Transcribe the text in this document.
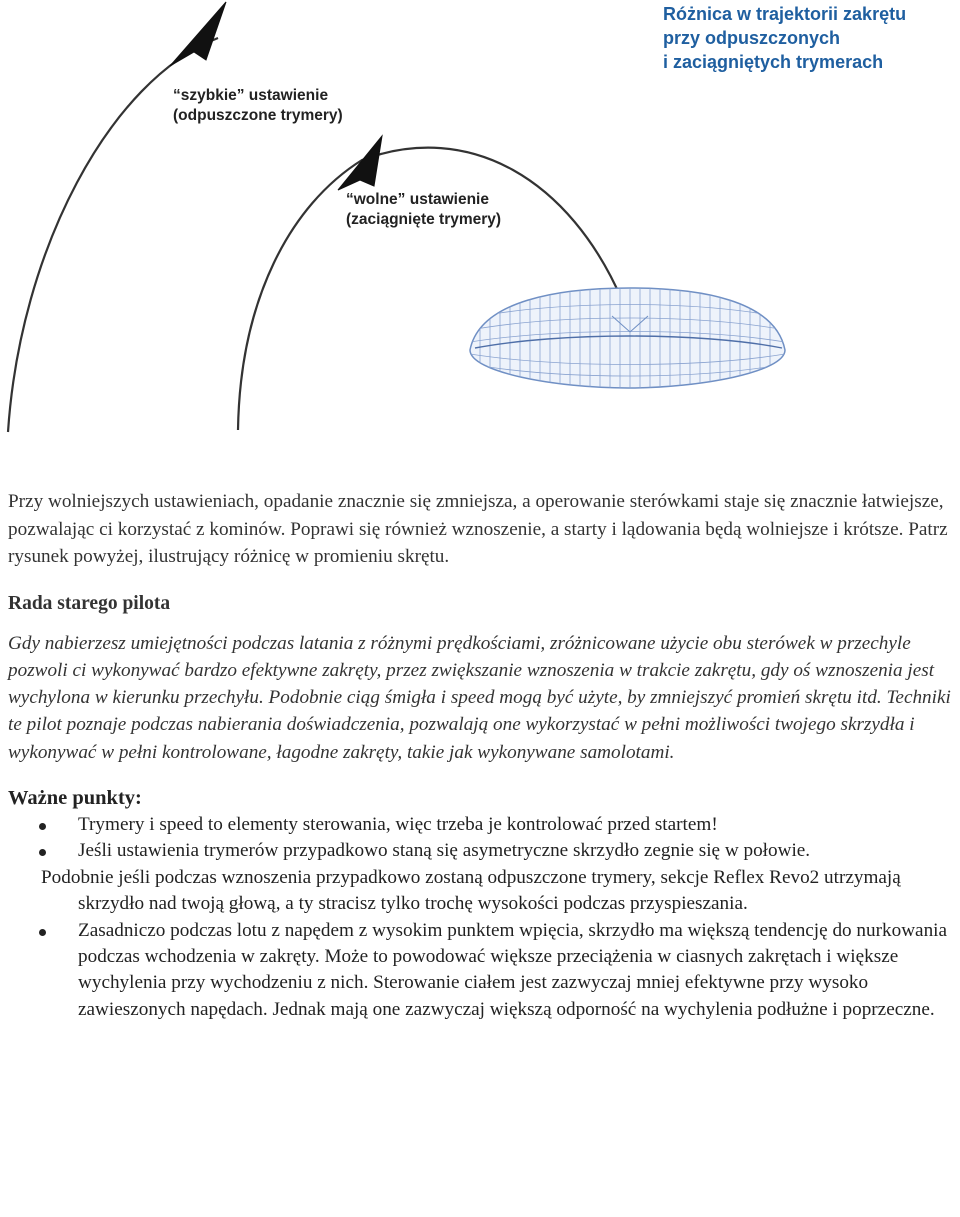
Różnica w trajektorii zakrętu
przy odpuszczonych
i zaciągniętych trymerach
“szybkie” ustawienie
(odpuszczone trymery)
“wolne” ustawienie
(zaciągnięte trymery)

Przy wolniejszych ustawieniach, opadanie znacznie się zmniejsza, a operowanie sterówkami staje się znacznie łatwiejsze, pozwalając ci korzystać z kominów. Poprawi się również wznoszenie, a starty i lądowania będą wolniejsze i krótsze. Patrz rysunek powyżej, ilustrujący różnicę w promieniu skrętu.

Rada starego pilota

Gdy nabierzesz umiejętności podczas latania z różnymi prędkościami, zróżnicowane użycie obu sterówek w przechyle pozwoli ci wykonywać bardzo efektywne zakręty, przez zwiększanie wznoszenia w trakcie zakrętu, gdy oś wznoszenia jest wychylona w kierunku przechyłu. Podobnie ciąg śmigła i speed mogą być użyte, by zmniejszyć promień skrętu itd. Techniki te pilot poznaje podczas nabierania doświadczenia, pozwalają one wykorzystać w pełni możliwości twojego skrzydła i wykonywać w pełni kontrolowane, łagodne zakręty, takie jak wykonywane samolotami.

Ważne punkty:
Trymery i speed to elementy sterowania, więc trzeba je kontrolować przed startem!
Jeśli ustawienia trymerów przypadkowo staną się asymetryczne skrzydło zegnie się w połowie.

Podobnie jeśli podczas wznoszenia przypadkowo zostaną odpuszczone trymery, sekcje Reflex Revo2 utrzymają skrzydło nad twoją głową, a ty stracisz tylko trochę wysokości podczas przyspieszania.

Zasadniczo podczas lotu z napędem z wysokim punktem wpięcia, skrzydło ma większą tendencję do nurkowania podczas wchodzenia w zakręty. Może to powodować większe przeciążenia w ciasnych zakrętach i większe wychylenia przy wychodzeniu z nich. Sterowanie ciałem jest zazwyczaj mniej efektywne przy wysoko zawieszonych napędach. Jednak mają one zazwyczaj większą odporność na wychylenia podłużne i poprzeczne.
